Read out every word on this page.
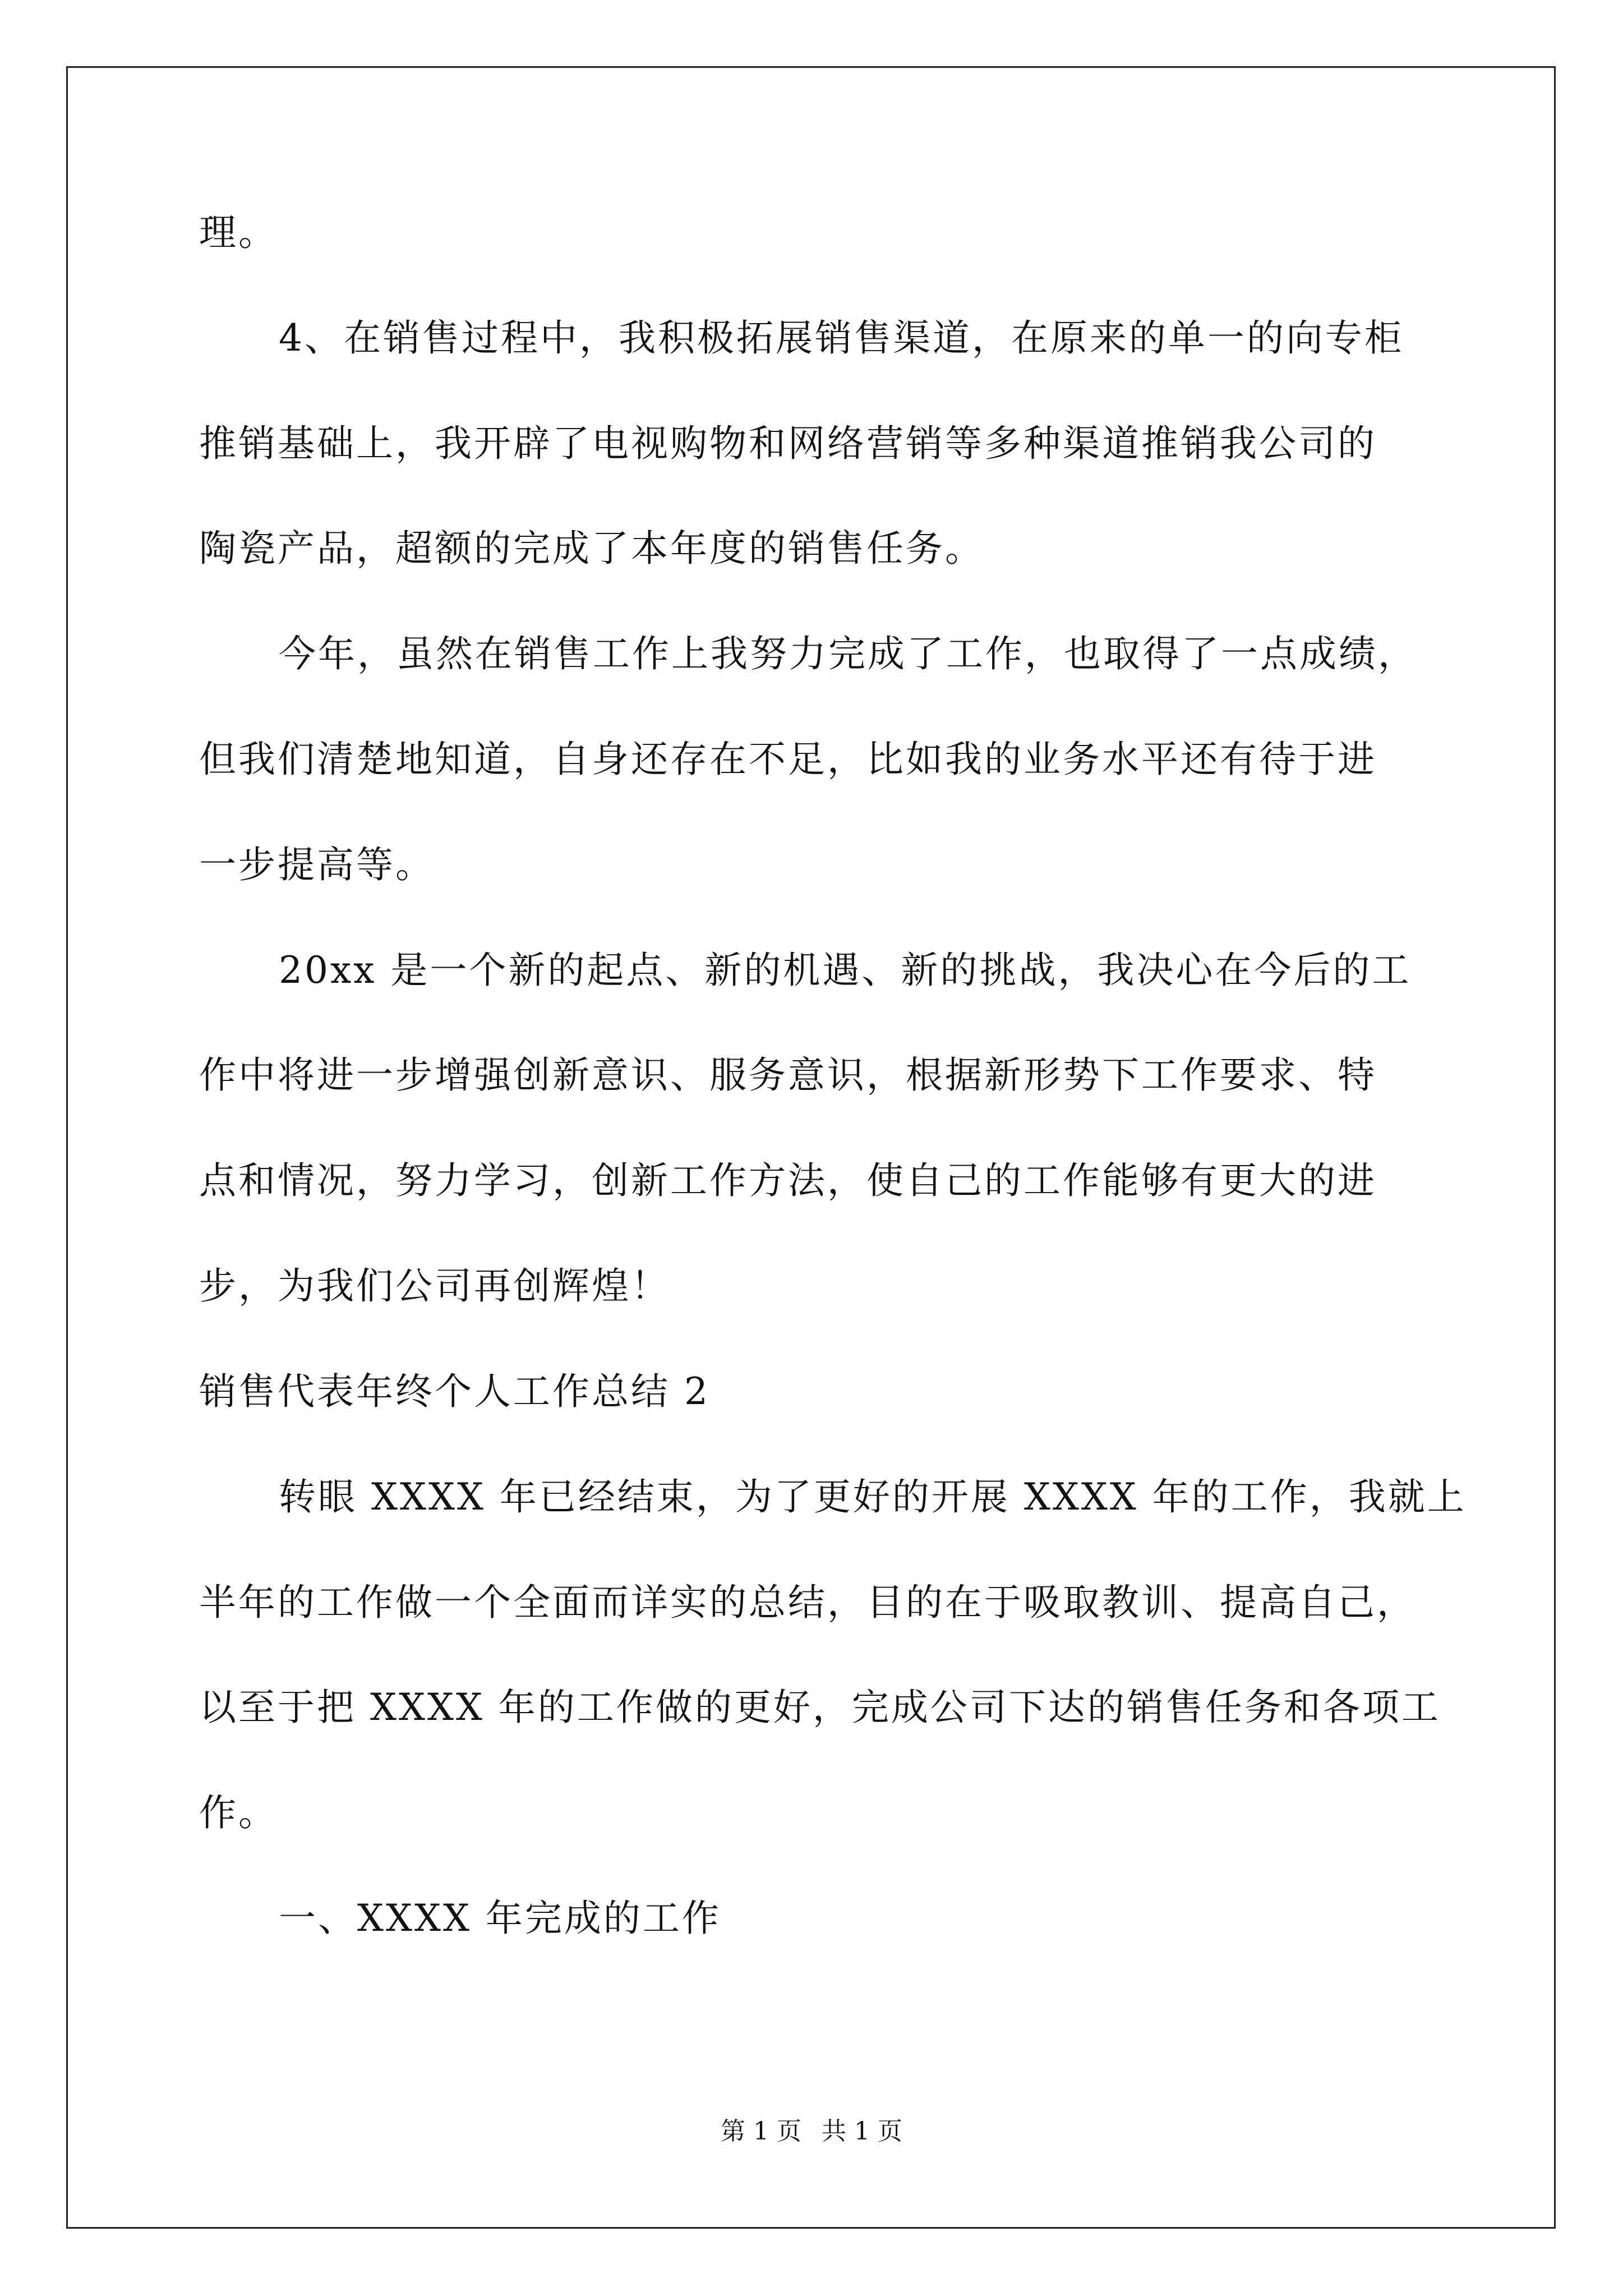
理。
4、在销售过程中，我积极拓展销售渠道，在原来的单一的向专柜
推销基础上，我开辟了电视购物和网络营销等多种渠道推销我公司的
陶瓷产品，超额的完成了本年度的销售任务。
今年，虽然在销售工作上我努力完成了工作，也取得了一点成绩，
但我们清楚地知道，自身还存在不足，比如我的业务水平还有待于进
一步提高等。
20xx 是一个新的起点、新的机遇、新的挑战，我决心在今后的工
作中将进一步增强创新意识、服务意识，根据新形势下工作要求、特
点和情况，努力学习，创新工作方法，使自己的工作能够有更大的进
步，为我们公司再创辉煌！
销售代表年终个人工作总结 2
转眼 XXXX 年已经结束，为了更好的开展 XXXX 年的工作，我就上
半年的工作做一个全面而详实的总结，目的在于吸取教训、提高自己，
以至于把 XXXX 年的工作做的更好，完成公司下达的销售任务和各项工
作。
一、XXXX 年完成的工作
第 1 页 共 1 页
